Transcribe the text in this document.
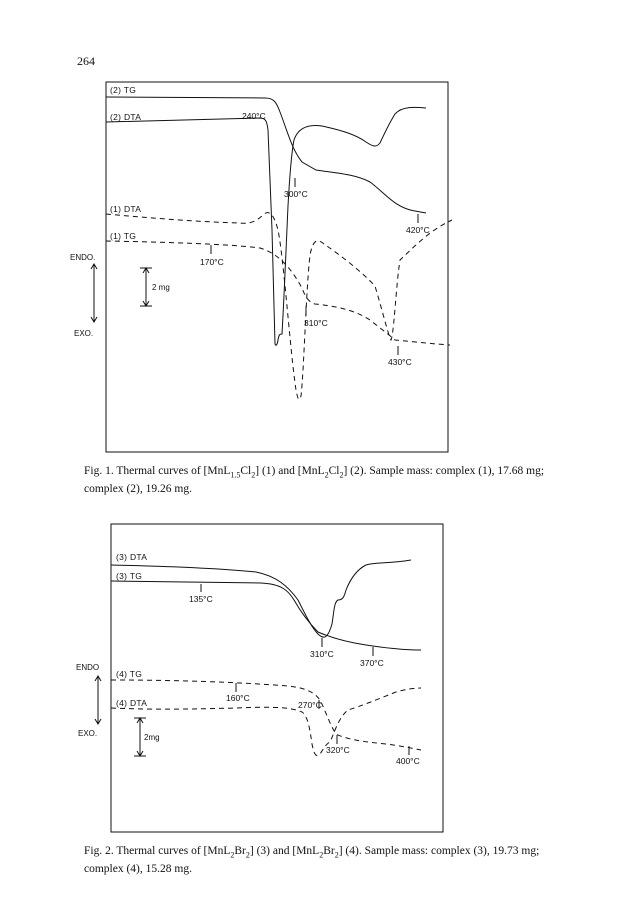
264
(2) TG
(2) DTA
(1) DTA
(1) TG
240°C
300°C
420°C
170°C
310°C
430°C
ENDO.
EXO.
2 mg
Fig. 1. Thermal curves of $[MnL_{1.5}Cl_2]$ (1) and $[MnL_2Cl_2]$ (2). Sample mass: complex (1), 17.68 mg; complex (2), 19.26 mg.
(3) DTA
(3) TG
(4) TG
(4) DTA
135°C
310°C
370°C
160°C
270°C
320°C
400°C
ENDO
EXO.	2mg
Fig. 2. Thermal curves of $[MnL_2Br_2]$ (3) and $[MnL_2Br_2]$ (4). Sample mass: complex (3), 19.73 mg; complex (4), 15.28 mg.
